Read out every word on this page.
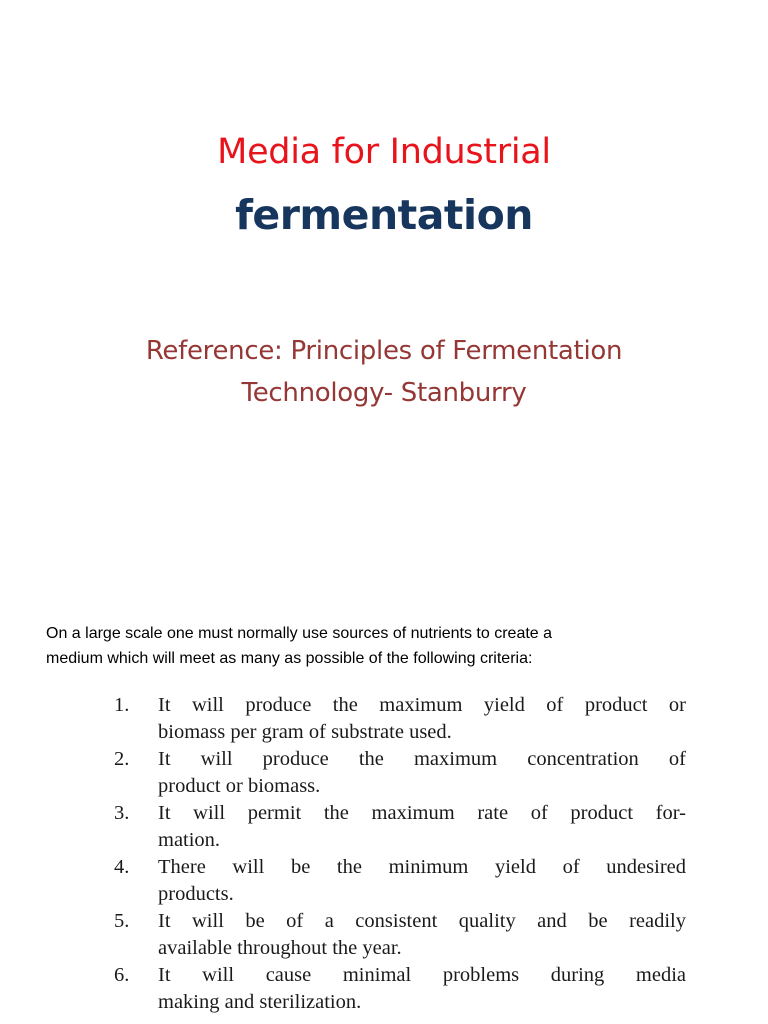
Media for Industrial
fermentation
Reference: Principles of Fermentation
Technology- Stanburry
On a large scale one must normally use sources of nutrients to create a
medium which will meet as many as possible of the following criteria:
1.	It will produce the maximum yield of product or
biomass per gram of substrate used.
2.	It will produce the maximum concentration of
product or biomass.
3.	It will permit the maximum rate of product for-
mation.
4.	There will be the minimum yield of undesired
products.
5.	It will be of a consistent quality and be readily
available throughout the year.
6.	It will cause minimal problems during media
making and sterilization.
